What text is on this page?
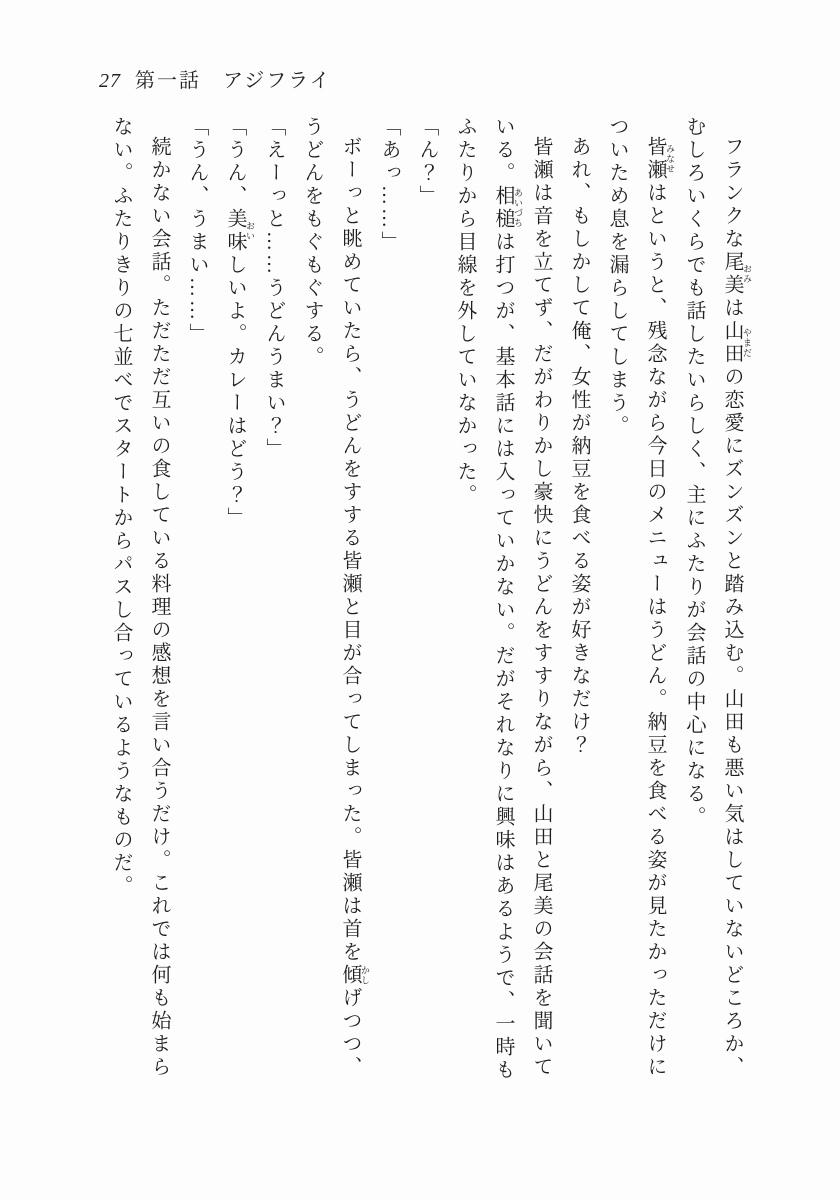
27 第一話　アジフライ

フランクな尾美 おみは山田 やまだの恋愛にズンズンと踏み込む。山田も悪い気はしていないどころか、むしろいくらでも話したいらしく、主にふたりが会話の中心になる。

皆瀬 みなせはというと、残念ながら今日のメニューはうどん。納豆を食べる姿が見たかっただけについため息を漏らしてしまう。

あれ、もしかして俺、女性が納豆を食べる姿が好きなだけ？

皆瀬は音を立てず、だがわりかし豪快にうどんをすすりながら、山田と尾美の会話を聞いている。相槌 あいづちは打つが、基本話には入っていかない。だがそれなりに興味はあるようで、一時もふたりから目線を外していなかった。

「ん？」

「あっ……」

ボーっと眺めていたら、うどんをすする皆瀬と目が合ってしまった。皆瀬は首を傾 かしげつつ、うどんをもぐもぐする。

「えーっと……うどんうまい？」

「うん、美味 おいしいよ。カレーはどう？」

「うん、うまい……」

続かない会話。ただただ互いの食している料理の感想を言い合うだけ。これでは何も始まらない。ふたりきりの七並べでスタートからパスし合っているようなものだ。
